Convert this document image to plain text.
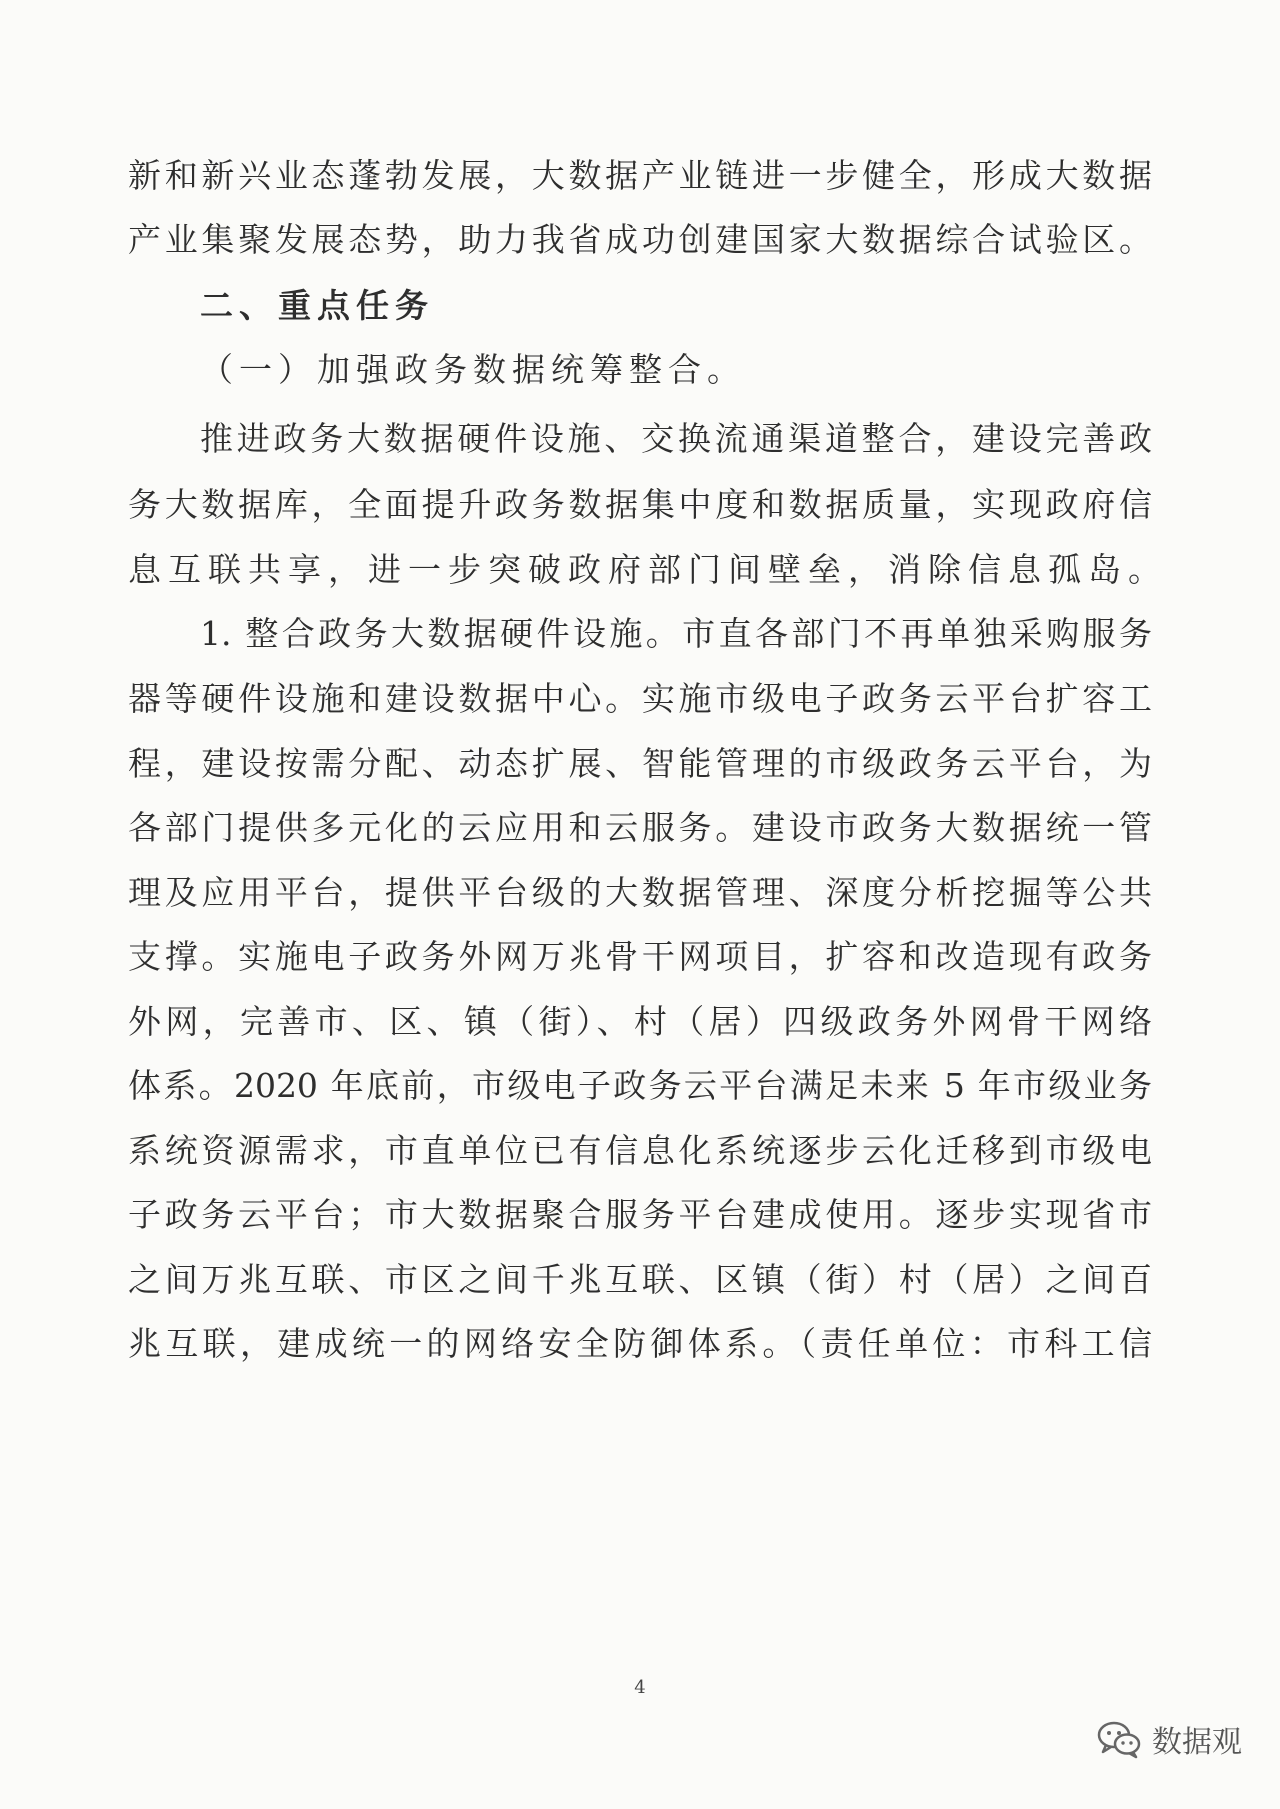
新和新兴业态蓬勃发展，大数据产业链进一步健全，形成大数据
产业集聚发展态势，助力我省成功创建国家大数据综合试验区。
二、重点任务
（一）加强政务数据统筹整合。
推进政务大数据硬件设施、交换流通渠道整合，建设完善政
务大数据库，全面提升政务数据集中度和数据质量，实现政府信
息互联共享，进一步突破政府部门间壁垒，消除信息孤岛。
1. 整合政务大数据硬件设施。市直各部门不再单独采购服务
器等硬件设施和建设数据中心。实施市级电子政务云平台扩容工
程，建设按需分配、动态扩展、智能管理的市级政务云平台，为
各部门提供多元化的云应用和云服务。建设市政务大数据统一管
理及应用平台，提供平台级的大数据管理、深度分析挖掘等公共
支撑。实施电子政务外网万兆骨干网项目，扩容和改造现有政务
外网，完善市、区、镇（街）、村（居）四级政务外网骨干网络
体系。2020 年底前，市级电子政务云平台满足未来 5 年市级业务
系统资源需求，市直单位已有信息化系统逐步云化迁移到市级电
子政务云平台；市大数据聚合服务平台建成使用。逐步实现省市
之间万兆互联、市区之间千兆互联、区镇（街）村（居）之间百
兆互联，建成统一的网络安全防御体系。（责任单位：市科工信
4
数据观
